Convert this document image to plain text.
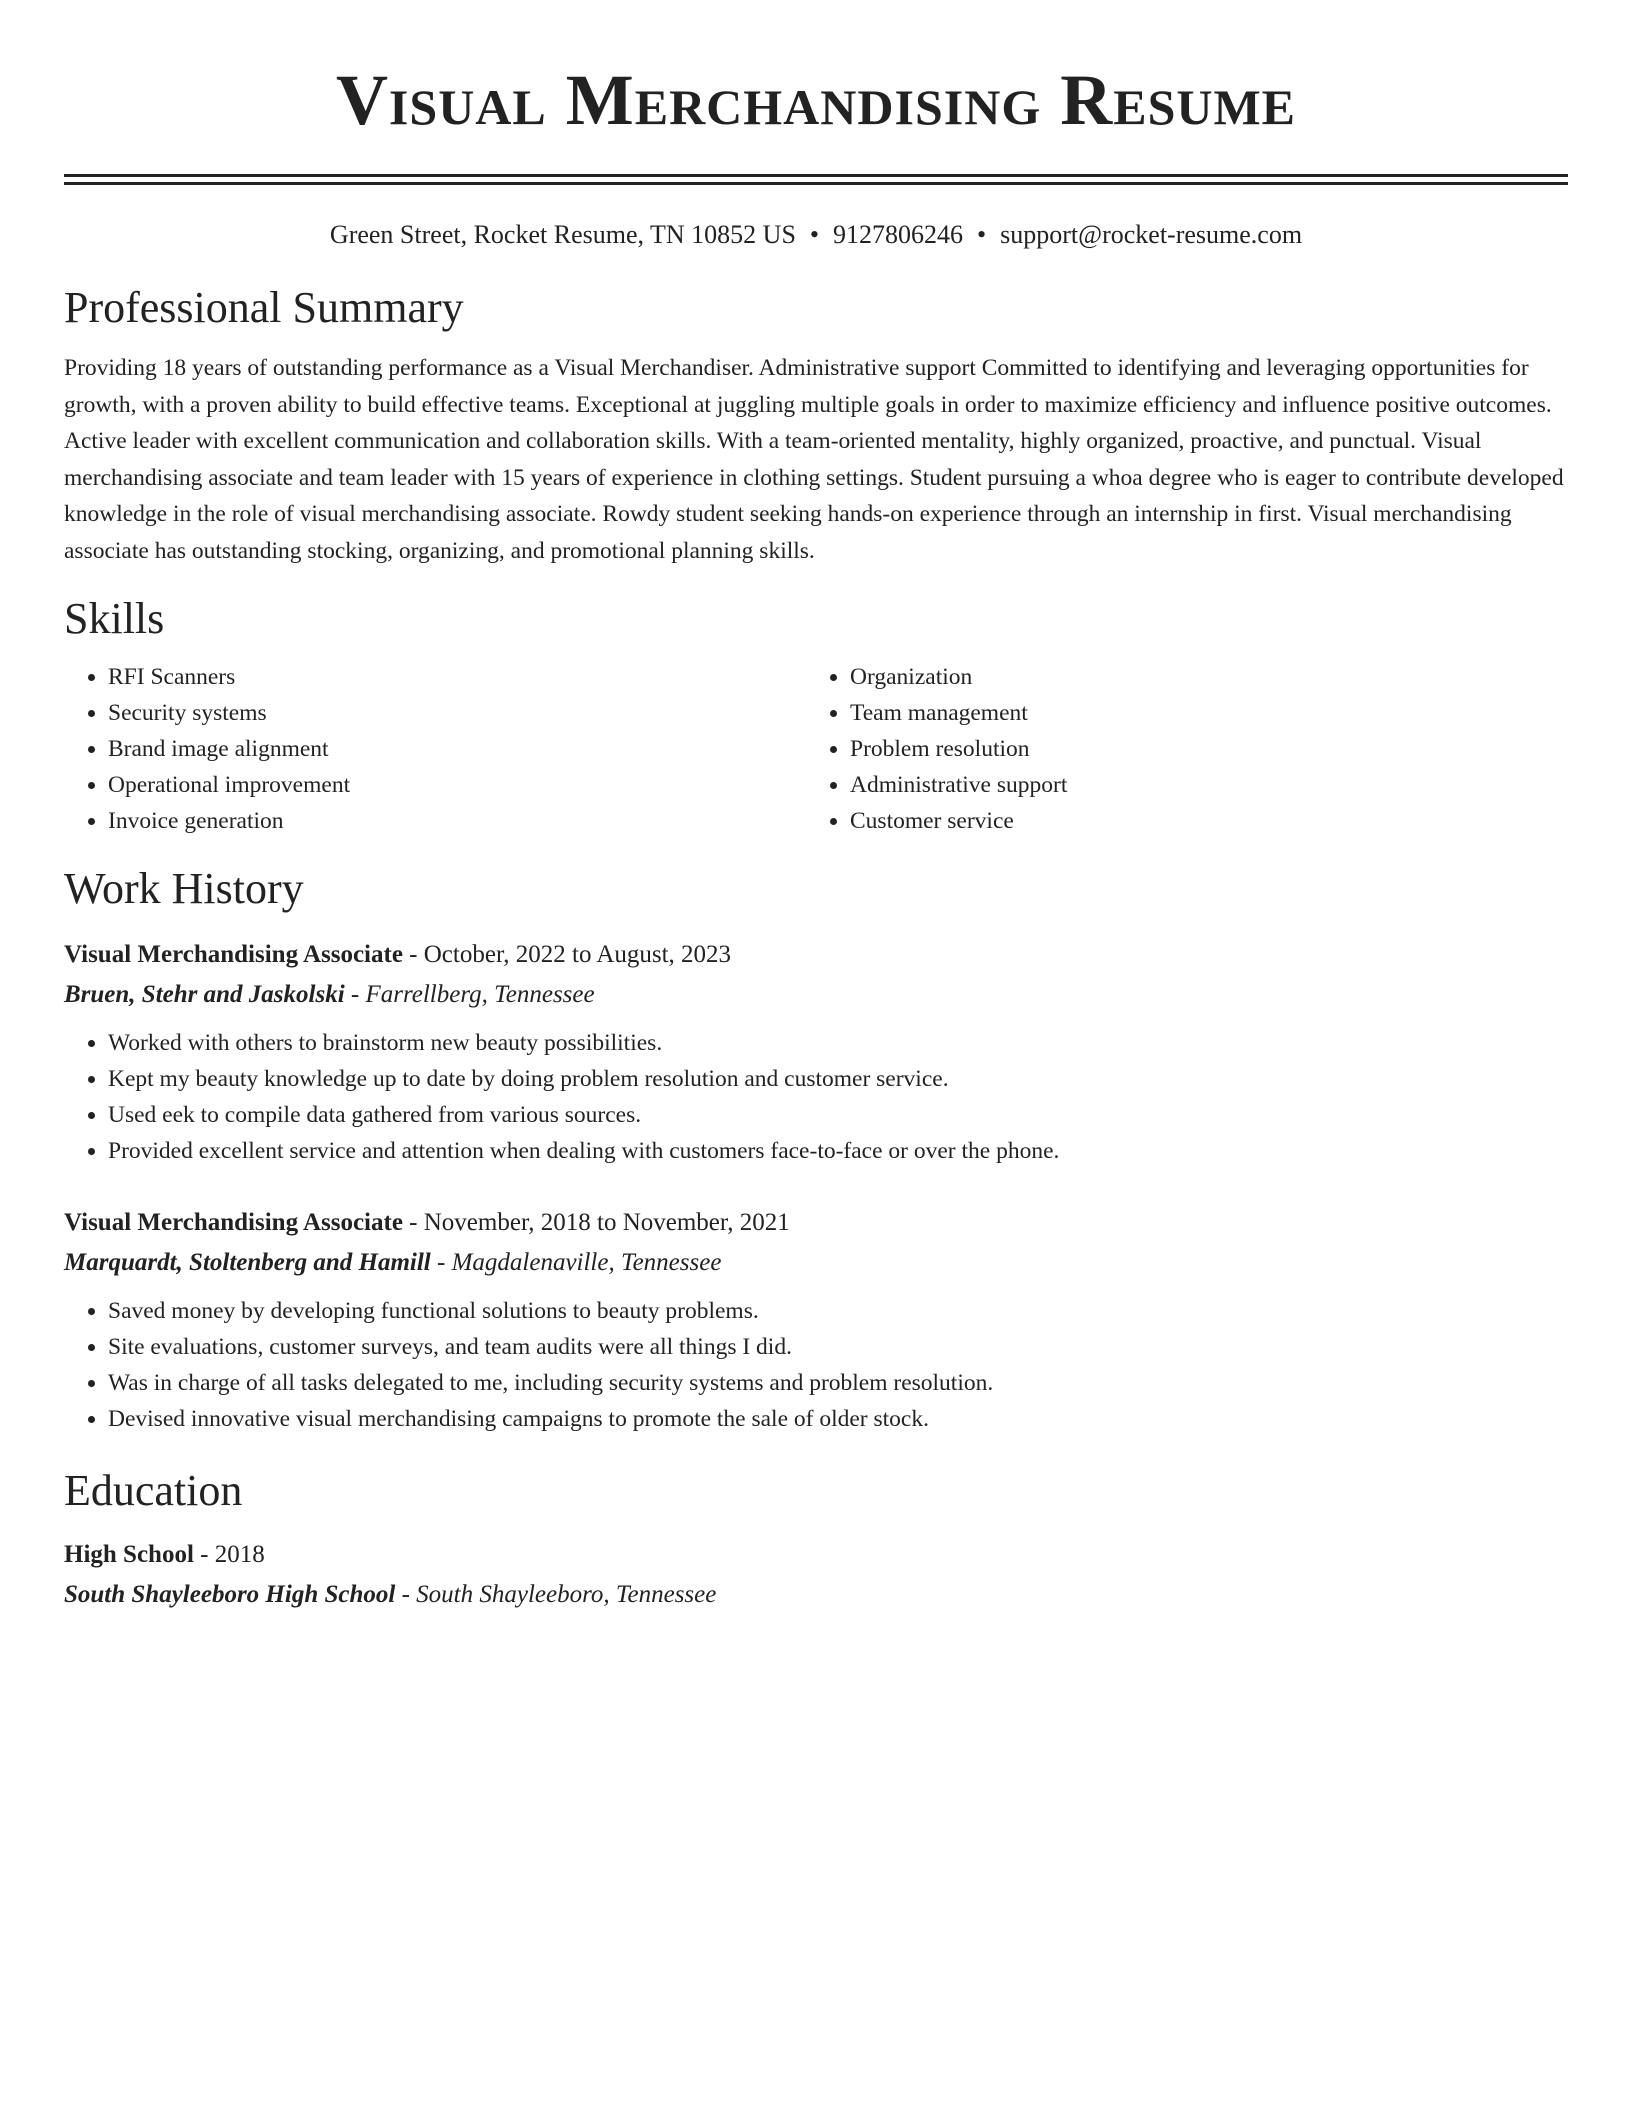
Visual Merchandising Resume
Green Street, Rocket Resume, TN 10852 US • 9127806246 • support@rocket-resume.com
Professional Summary
Providing 18 years of outstanding performance as a Visual Merchandiser. Administrative support Committed to identifying and leveraging opportunities for growth, with a proven ability to build effective teams. Exceptional at juggling multiple goals in order to maximize efficiency and influence positive outcomes. Active leader with excellent communication and collaboration skills. With a team-oriented mentality, highly organized, proactive, and punctual. Visual merchandising associate and team leader with 15 years of experience in clothing settings. Student pursuing a whoa degree who is eager to contribute developed knowledge in the role of visual merchandising associate. Rowdy student seeking hands-on experience through an internship in first. Visual merchandising associate has outstanding stocking, organizing, and promotional planning skills.
Skills
• RFI Scanners
• Security systems
• Brand image alignment
• Operational improvement
• Invoice generation
• Organization
• Team management
• Problem resolution
• Administrative support
• Customer service
Work History
Visual Merchandising Associate - October, 2022 to August, 2023
Bruen, Stehr and Jaskolski - Farrellberg, Tennessee
• Worked with others to brainstorm new beauty possibilities.
• Kept my beauty knowledge up to date by doing problem resolution and customer service.
• Used eek to compile data gathered from various sources.
• Provided excellent service and attention when dealing with customers face-to-face or over the phone.
Visual Merchandising Associate - November, 2018 to November, 2021
Marquardt, Stoltenberg and Hamill - Magdalenaville, Tennessee
• Saved money by developing functional solutions to beauty problems.
• Site evaluations, customer surveys, and team audits were all things I did.
• Was in charge of all tasks delegated to me, including security systems and problem resolution.
• Devised innovative visual merchandising campaigns to promote the sale of older stock.
Education
High School - 2018
South Shayleeboro High School - South Shayleeboro, Tennessee
